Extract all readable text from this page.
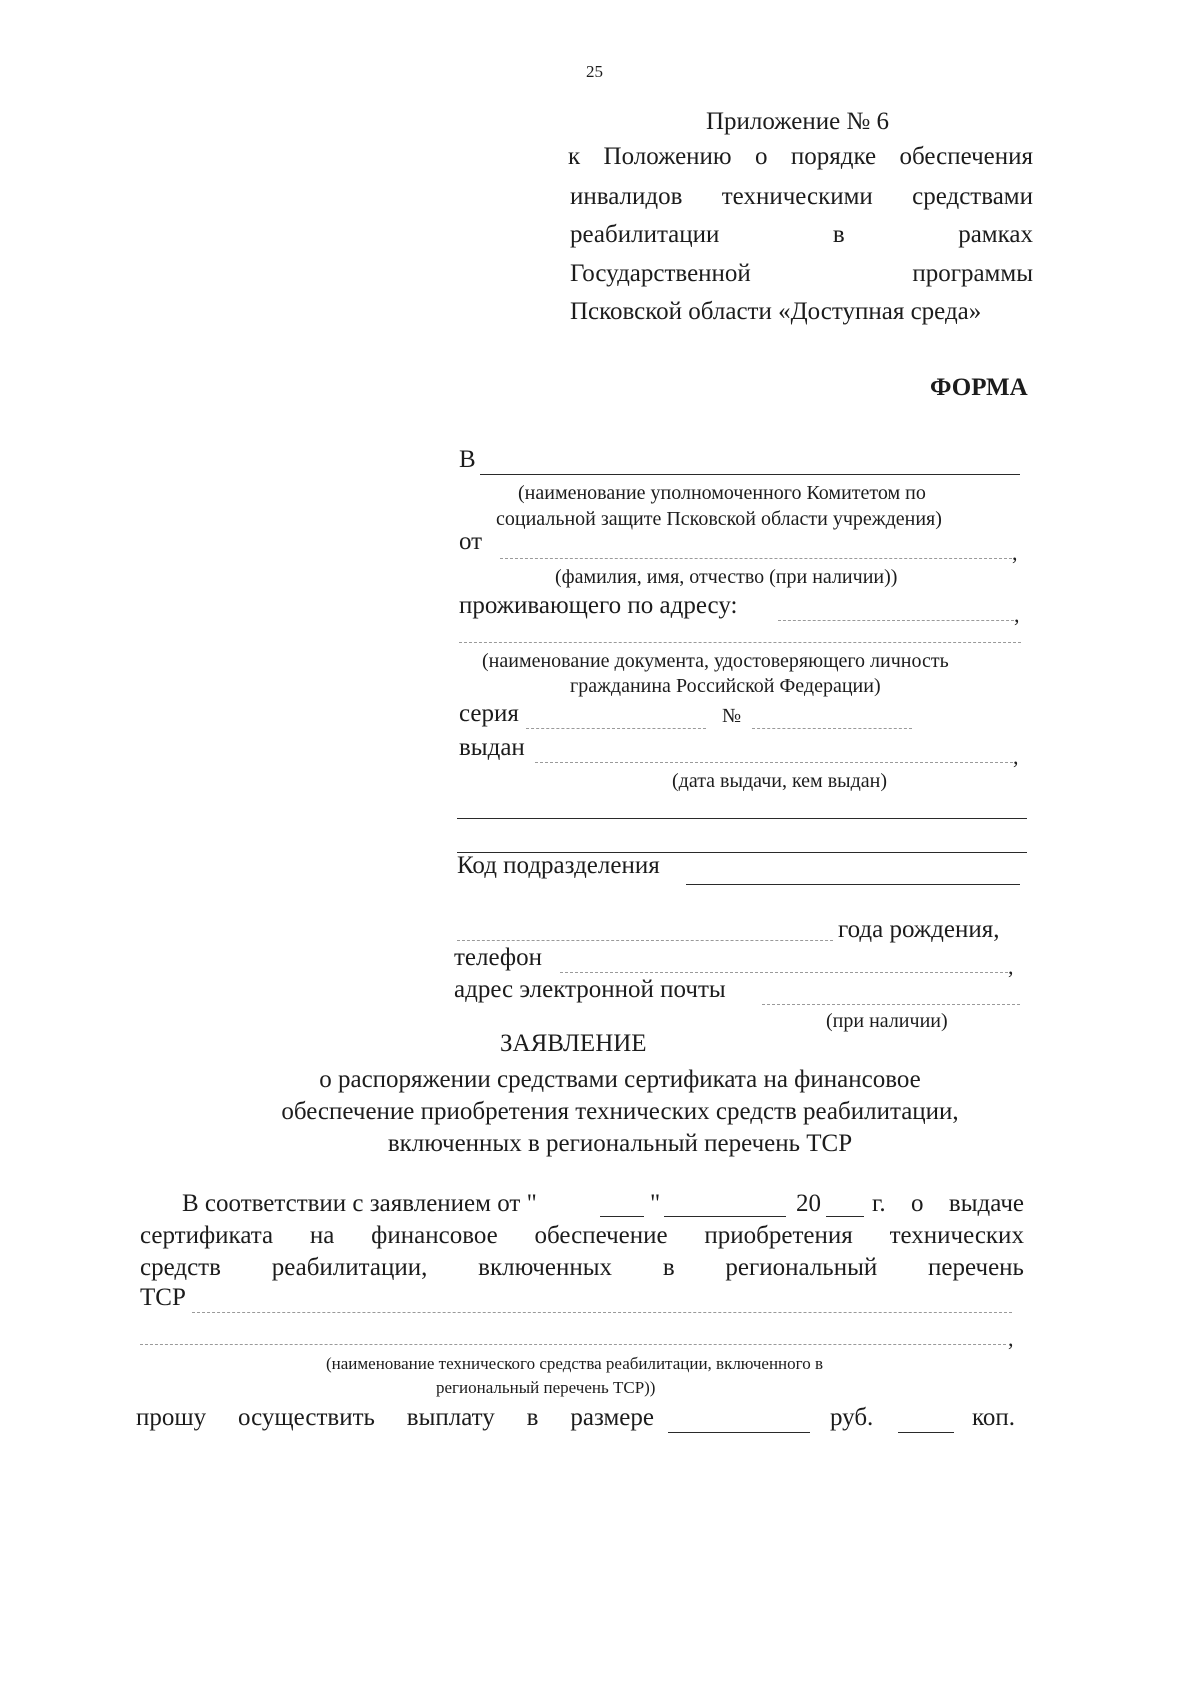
25
Приложение № 6
к Положению о порядке обеспечения
инвалидов техническими средствами
реабилитации	в	рамках
Государственной	программы
Псковской области «Доступная среда»
ФОРМА
В
(наименование уполномоченного Комитетом по
социальной защите Псковской области учреждения)
от	,
(фамилия, имя, отчество (при наличии))
проживающего по адресу:	,
(наименование документа, удостоверяющего личность
гражданина Российской Федерации)
серия	№
выдан	,
(дата выдачи, кем выдан)
Код подразделения
года рождения,
телефон	,
адрес электронной почты
(при наличии)
ЗАЯВЛЕНИЕ
о распоряжении средствами сертификата на финансовое
обеспечение приобретения технических средств реабилитации,
включенных в региональный перечень ТСР
В соответствии с заявлением от "	"	20 г. о выдаче
сертификата на финансовое обеспечение приобретения технических
средств реабилитации, включенных в региональный перечень
ТСР
,
(наименование технического средства реабилитации, включенного в
региональный перечень ТСР))
прошу осуществить выплату в размере	руб.	коп.
